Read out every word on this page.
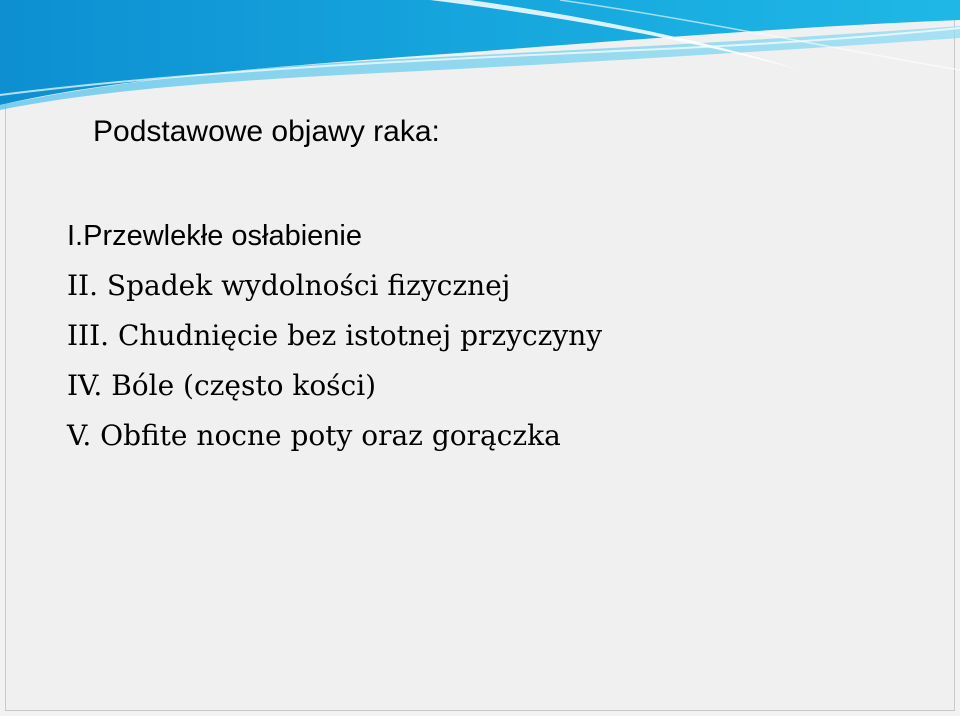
Podstawowe objawy raka:
I.Przewlekłe osłabienie
II. Spadek wydolności fizycznej
III. Chudnięcie bez istotnej przyczyny
IV. Bóle (często kości)
V. Obfite nocne poty oraz gorączka
